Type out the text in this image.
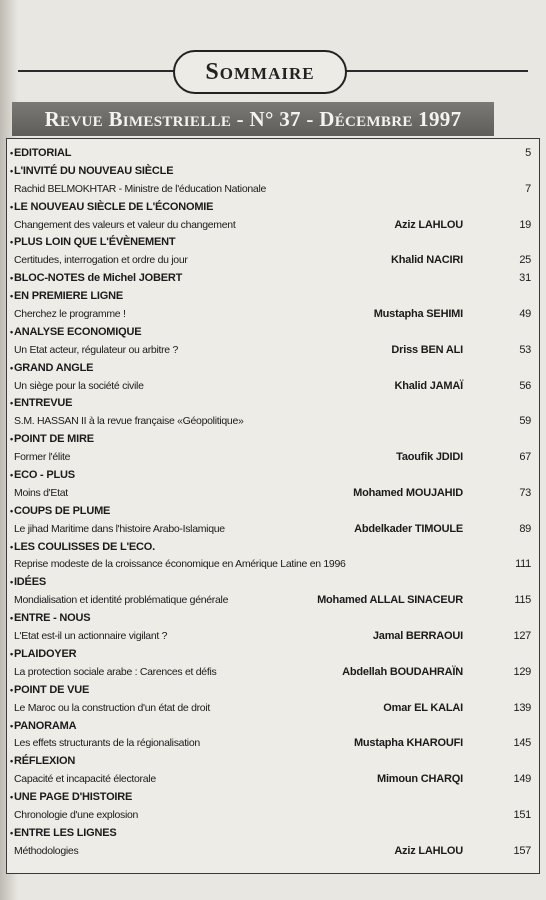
Sommaire
Revue Bimestrielle - N° 37 - Décembre 1997
•EDITORIAL	5
•L'INVITÉ DU NOUVEAU SIÈCLE
Rachid BELMOKHTAR - Ministre de l'éducation Nationale	7
•LE NOUVEAU SIÈCLE DE L'ÉCONOMIE
Changement des valeurs et valeur du changement	Aziz LAHLOU	19
•PLUS LOIN QUE L'ÉVÈNEMENT
Certitudes, interrogation et ordre du jour	Khalid NACIRI	25
•BLOC-NOTES de Michel JOBERT	31
•EN PREMIERE LIGNE
Cherchez le programme !	Mustapha SEHIMI	49
•ANALYSE ECONOMIQUE
Un Etat acteur, régulateur ou arbitre ?	Driss BEN ALI	53
•GRAND ANGLE
Un siège pour la société civile	Khalid JAMAÏ	56
•ENTREVUE
S.M. HASSAN II à la revue française «Géopolitique»	59
•POINT DE MIRE
Former l'élite	Taoufik JDIDI	67
•ECO - PLUS
Moins d'Etat	Mohamed MOUJAHID	73
•COUPS DE PLUME
Le jihad Maritime dans l'histoire Arabo-Islamique	Abdelkader TIMOULE	89
•LES COULISSES DE L'ECO.
Reprise modeste de la croissance économique en Amérique Latine en 1996	111
•IDÉES
Mondialisation et identité problématique générale	Mohamed ALLAL SINACEUR	115
•ENTRE - NOUS
L'Etat est-il un actionnaire vigilant ?	Jamal BERRAOUI	127
•PLAIDOYER
La protection sociale arabe : Carences et défis	Abdellah BOUDAHRAÏN	129
•POINT DE VUE
Le Maroc ou la construction d'un état de droit	Omar EL KALAI	139
•PANORAMA
Les effets structurants de la régionalisation	Mustapha KHAROUFI	145
•RÉFLEXION
Capacité et incapacité électorale	Mimoun CHARQI	149
•UNE PAGE D'HISTOIRE
Chronologie d'une explosion	151
•ENTRE LES LIGNES
Méthodologies	Aziz LAHLOU	157
